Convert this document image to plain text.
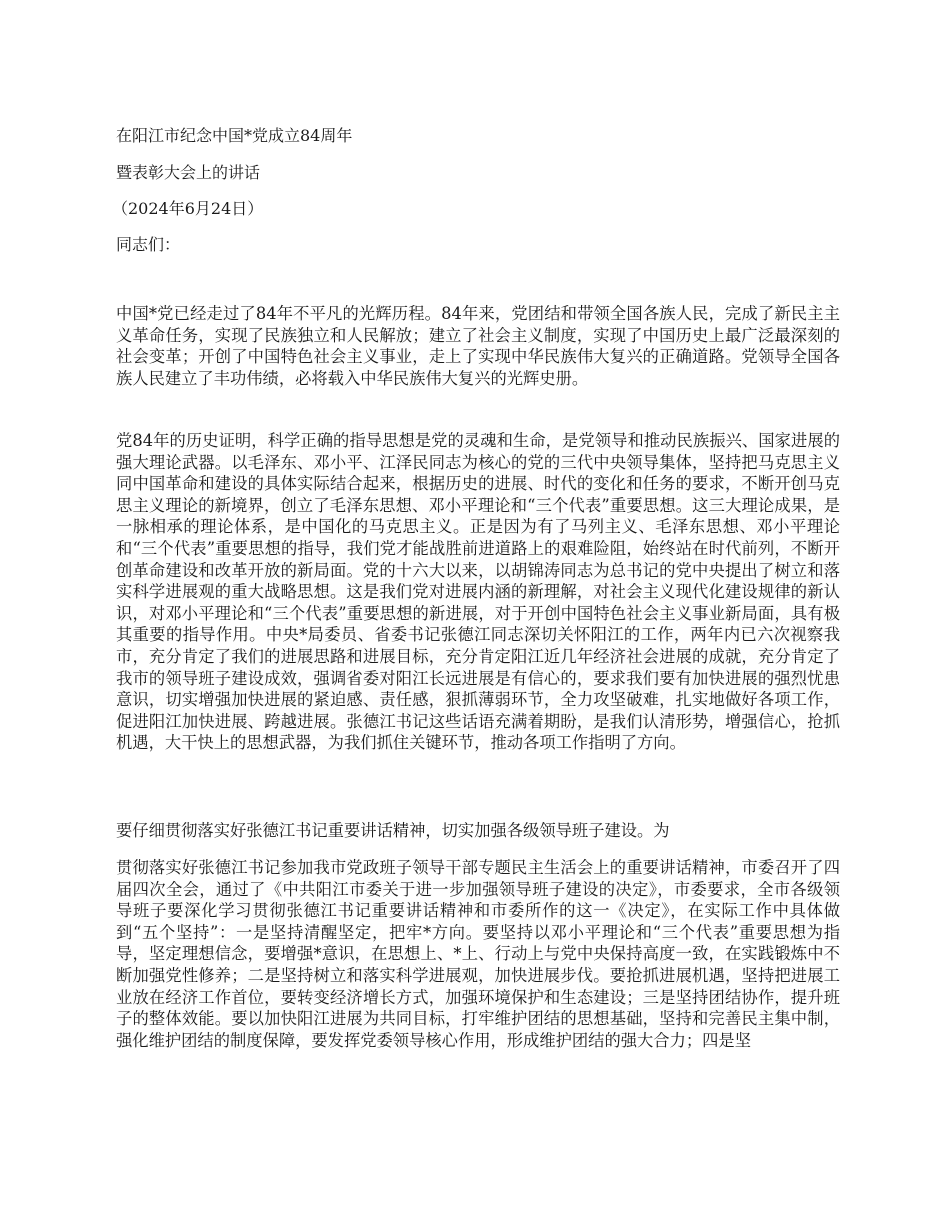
在阳江市纪念中国*党成立84周年

暨表彰大会上的讲话

（2024年6月24日）

同志们：

中国*党已经走过了84年不平凡的光辉历程。84年来，党团结和带领全国各族人民，完成了新民主主义革命任务，实现了民族独立和人民解放；建立了社会主义制度，实现了中国历史上最广泛最深刻的社会变革；开创了中国特色社会主义事业，走上了实现中华民族伟大复兴的正确道路。党领导全国各族人民建立了丰功伟绩，必将载入中华民族伟大复兴的光辉史册。

党84年的历史证明，科学正确的指导思想是党的灵魂和生命，是党领导和推动民族振兴、国家进展的强大理论武器。以毛泽东、邓小平、江泽民同志为核心的党的三代中央领导集体，坚持把马克思主义同中国革命和建设的具体实际结合起来，根据历史的进展、时代的变化和任务的要求，不断开创马克思主义理论的新境界，创立了毛泽东思想、邓小平理论和“三个代表”重要思想。这三大理论成果，是一脉相承的理论体系，是中国化的马克思主义。正是因为有了马列主义、毛泽东思想、邓小平理论和“三个代表”重要思想的指导，我们党才能战胜前进道路上的艰难险阻，始终站在时代前列，不断开创革命建设和改革开放的新局面。党的十六大以来，以胡锦涛同志为总书记的党中央提出了树立和落实科学进展观的重大战略思想。这是我们党对进展内涵的新理解，对社会主义现代化建设规律的新认识，对邓小平理论和“三个代表”重要思想的新进展，对于开创中国特色社会主义事业新局面，具有极其重要的指导作用。中央*局委员、省委书记张德江同志深切关怀阳江的工作，两年内已六次视察我市，充分肯定了我们的进展思路和进展目标，充分肯定阳江近几年经济社会进展的成就，充分肯定了我市的领导班子建设成效，强调省委对阳江长远进展是有信心的，要求我们要有加快进展的强烈忧患意识，切实增强加快进展的紧迫感、责任感，狠抓薄弱环节，全力攻坚破难，扎实地做好各项工作，促进阳江加快进展、跨越进展。张德江书记这些话语充满着期盼，是我们认清形势，增强信心，抢抓机遇，大干快上的思想武器，为我们抓住关键环节，推动各项工作指明了方向。

要仔细贯彻落实好张德江书记重要讲话精神，切实加强各级领导班子建设。为

贯彻落实好张德江书记参加我市党政班子领导干部专题民主生活会上的重要讲话精神，市委召开了四届四次全会，通过了《中共阳江市委关于进一步加强领导班子建设的决定》，市委要求，全市各级领导班子要深化学习贯彻张德江书记重要讲话精神和市委所作的这一《决定》，在实际工作中具体做到“五个坚持”：一是坚持清醒坚定，把牢*方向。要坚持以邓小平理论和“三个代表”重要思想为指导，坚定理想信念，要增强*意识，在思想上、*上、行动上与党中央保持高度一致，在实践锻炼中不断加强党性修养；二是坚持树立和落实科学进展观，加快进展步伐。要抢抓进展机遇，坚持把进展工业放在经济工作首位，要转变经济增长方式，加强环境保护和生态建设；三是坚持团结协作，提升班子的整体效能。要以加快阳江进展为共同目标，打牢维护团结的思想基础，坚持和完善民主集中制，强化维护团结的制度保障，要发挥党委领导核心作用，形成维护团结的强大合力；四是坚
